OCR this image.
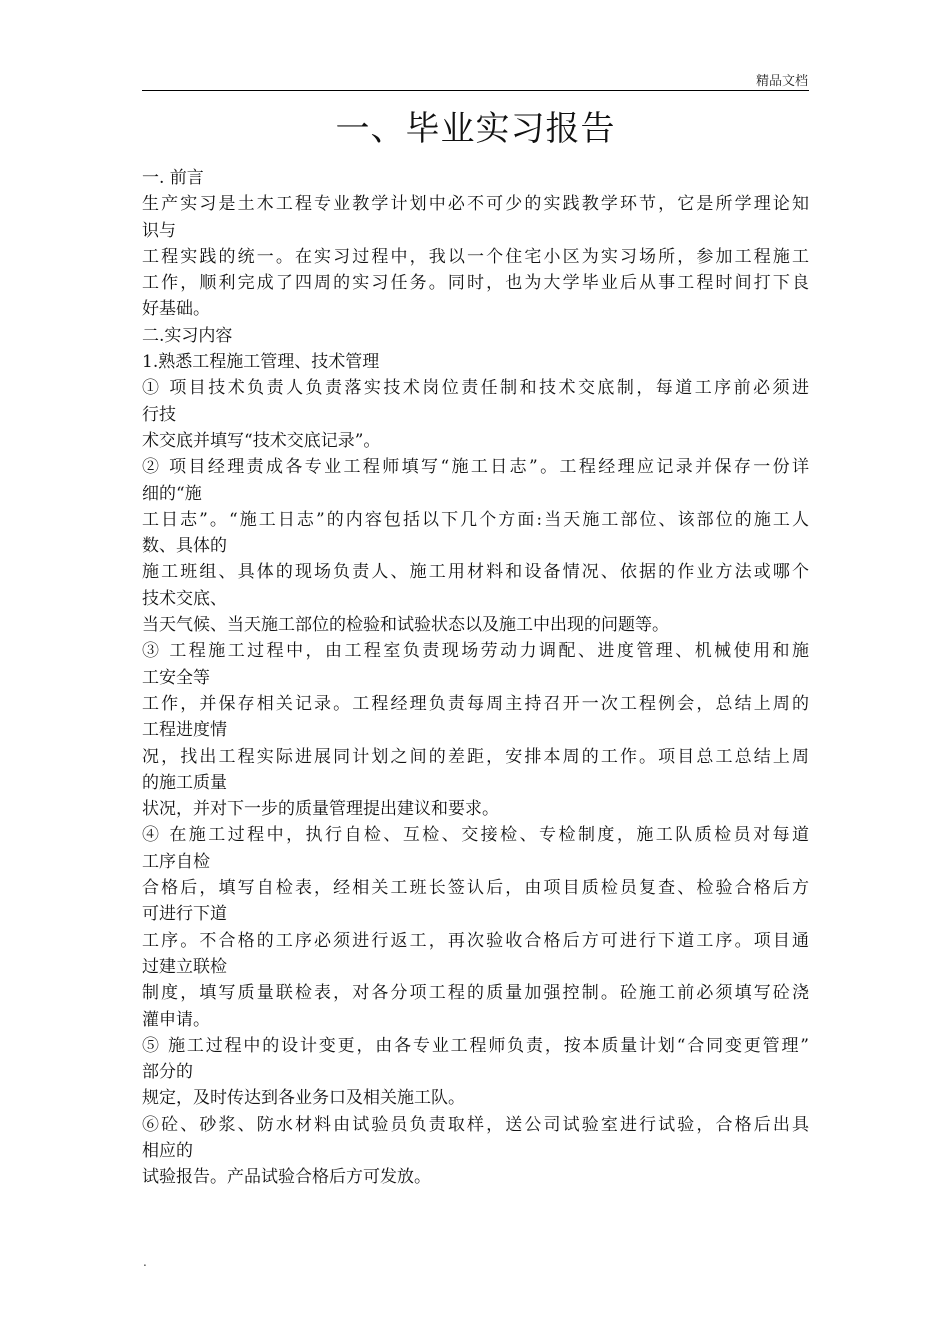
精品文档
一、毕业实习报告
一. 前言
生产实习是土木工程专业教学计划中必不可少的实践教学环节，它是所学理论知
识与
工程实践的统一。在实习过程中，我以一个住宅小区为实习场所，参加工程施工
工作，顺利完成了四周的实习任务。同时，也为大学毕业后从事工程时间打下良
好基础。
二.实习内容
1.熟悉工程施工管理、技术管理
① 项目技术负责人负责落实技术岗位责任制和技术交底制，每道工序前必须进
行技
术交底并填写“技术交底记录”。
② 项目经理责成各专业工程师填写“施工日志”。工程经理应记录并保存一份详
细的“施
工日志”。“施工日志”的内容包括以下几个方面:当天施工部位、该部位的施工人
数、具体的
施工班组、具体的现场负责人、施工用材料和设备情况、依据的作业方法或哪个
技术交底、
当天气候、当天施工部位的检验和试验状态以及施工中出现的问题等。
③ 工程施工过程中，由工程室负责现场劳动力调配、进度管理、机械使用和施
工安全等
工作，并保存相关记录。工程经理负责每周主持召开一次工程例会，总结上周的
工程进度情
况，找出工程实际进展同计划之间的差距，安排本周的工作。项目总工总结上周
的施工质量
状况，并对下一步的质量管理提出建议和要求。
④ 在施工过程中，执行自检、互检、交接检、专检制度，施工队质检员对每道
工序自检
合格后，填写自检表，经相关工班长签认后，由项目质检员复查、检验合格后方
可进行下道
工序。不合格的工序必须进行返工，再次验收合格后方可进行下道工序。项目通
过建立联检
制度，填写质量联检表，对各分项工程的质量加强控制。砼施工前必须填写砼浇
灌申请。
⑤ 施工过程中的设计变更，由各专业工程师负责，按本质量计划“合同变更管理”
部分的
规定，及时传达到各业务口及相关施工队。
⑥砼、砂浆、防水材料由试验员负责取样，送公司试验室进行试验，合格后出具
相应的
试验报告。产品试验合格后方可发放。
.
